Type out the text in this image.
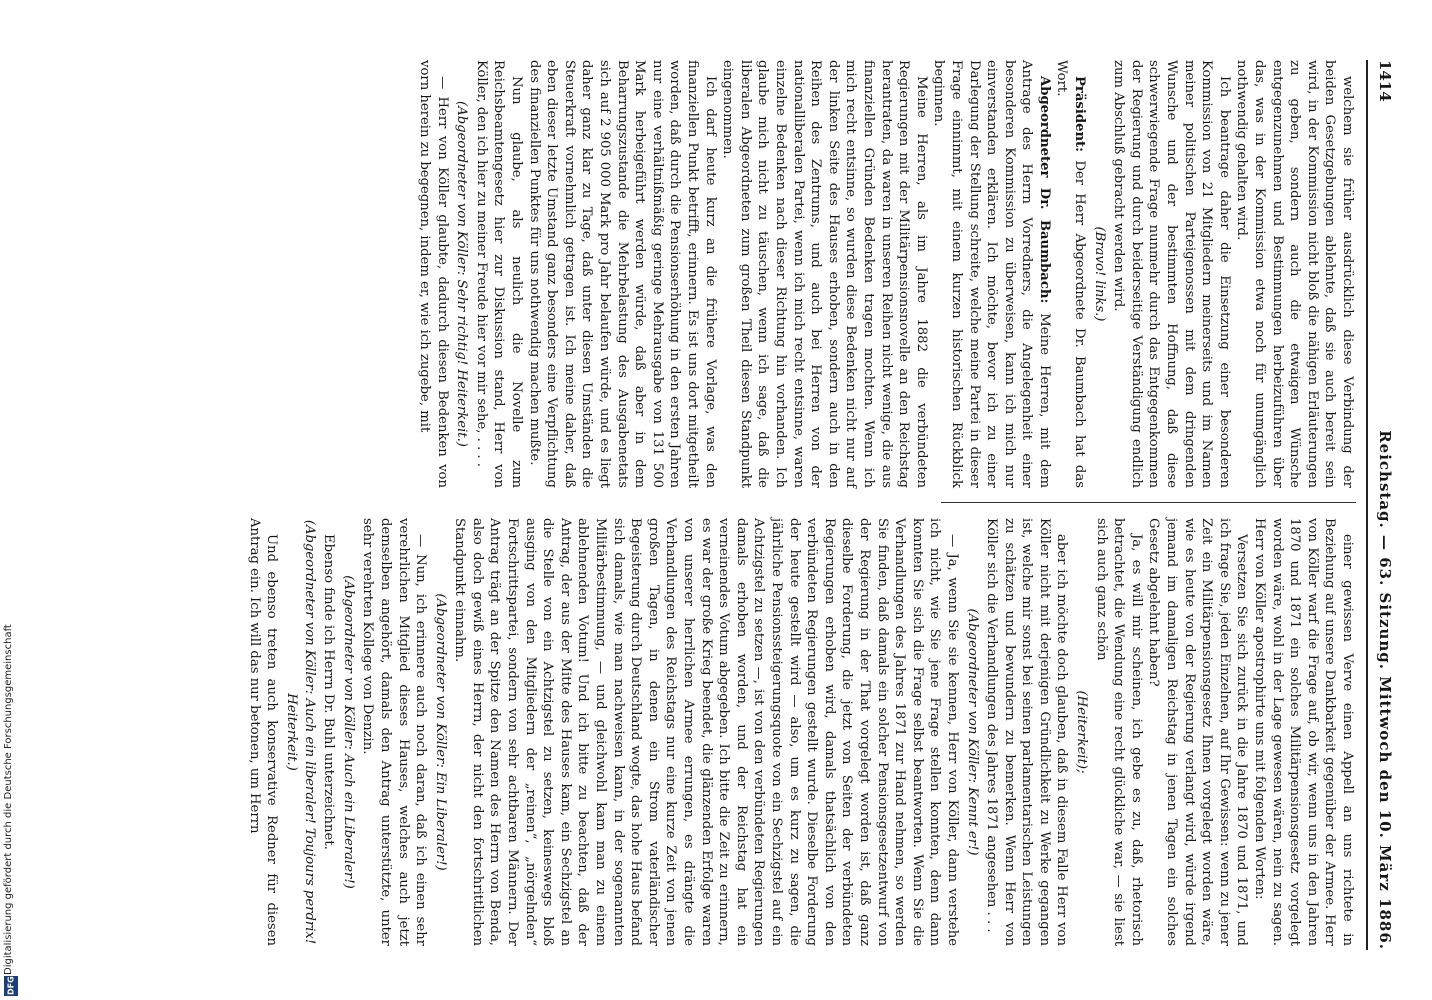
1414
Reichstag. — 63. Sitzung. Mittwoch den 10. März 1886.

welchem sie früher ausdrücklich diese Verbindung der beiden Gesetzgebungen ablehnte, daß sie auch bereit sein wird, in der Kommission nicht bloß die nähigen Erläuterungen zu geben, sondern auch die etwaigen Wünsche entgegenzunehmen und Bestimmungen herbeizuführen über das, was in der Kommission etwa noch für unumgänglich nothwendig gehalten wird.

Ich beantrage daher die Einsetzung einer besonderen Kommission von 21 Mitgliedern meinerseits und im Namen meiner politischen Parteigenossen mit dem dringenden Wunsche und der bestimmten Hoffnung, daß diese schwerwiegende Frage nunmehr durch das Entgegenkommen der Regierung und durch beiderseitige Verständigung endlich zum Abschluß gebracht werden wird.

(Bravo! links.)

Präsident: Der Herr Abgeordnete Dr. Baumbach hat das Wort.

Abgeordneter Dr. Baumbach: Meine Herren, mit dem Antrage des Herrn Vorredners, die Angelegenheit einer besonderen Kommission zu überweisen, kann ich mich nur einverstanden erklären. Ich möchte, bevor ich zu einer Darlegung der Stellung schreite, welche meine Partei in dieser Frage einnimmt, mit einem kurzen historischen Rückblick beginnen.

Meine Herren, als im Jahre 1882 die verbündeten Regierungen mit der Militärpensionsnovelle an den Reichstag herantraten, da waren in unseren Reihen nicht wenige, die aus finanziellen Gründen Bedenken tragen mochten. Wenn ich mich recht entsinne, so wurden diese Bedenken nicht nur auf der linken Seite des Hauses erhoben, sondern auch in den Reihen des Zentrums, und auch bei Herren von der nationalliberalen Partei, wenn ich mich recht entsinne, waren einzelne Bedenken nach dieser Richtung hin vorhanden. Ich glaube mich nicht zu täuschen, wenn ich sage, daß die liberalen Abgeordneten zum großen Theil diesen Standpunkt eingenommen.

Ich darf heute kurz an die frühere Vorlage, was den finanziellen Punkt betrifft, erinnern. Es ist uns dort mitgetheilt worden, daß durch die Pensionserhöhung in den ersten Jahren nur eine verhältnißmäßig geringe Mehrausgabe von 131 500 Mark herbeigeführt werden würde, daß aber in dem Beharrungszustande die Mehrbelastung des Ausgabenetats sich auf 2 905 000 Mark pro Jahr belaufen würde, und es liegt daher ganz klar zu Tage, daß unter diesen Umständen die Steuerkraft vornehmlich getragen ist. Ich meine daher, daß eben dieser letzte Umstand ganz besonders eine Verpflichtung des finanziellen Punktes für uns nothwendig machen mußte.

Nun glaube, als neulich die Novelle zum Reichsbeamtengesetz hier zur Diskussion stand, Herr von Köller, den ich hier zu meiner Freude hier vor mir sehe, . . . .

(Abgeordneter von Köller: Sehr richtig! Heiterkeit.)

— Herr von Köller glaubte, dadurch diesen Bedenken von vorn herein zu begegnen, indem er, wie ich zugebe, mit

einer gewissen Verve einen Appell an uns richtete in Beziehung auf unsere Dankbarkeit gegenüber der Armee. Herr von Köller warf die Frage auf, ob wir, wenn uns in den Jahren 1870 und 1871 ein solches Militärpensionsgesetz vorgelegt worden wäre, wohl in der Lage gewesen wären, nein zu sagen. Herr von Köller apostrophirte uns mit folgenden Worten:

Versetzen Sie sich zurück in die Jahre 1870 und 1871, und ich frage Sie, jeden Einzelnen, auf Ihr Gewissen: wenn zu jener Zeit ein Militärpensionsgesetz Ihnen vorgelegt worden wäre, wie es heute von der Regierung verlangt wird, würde irgend jemand im damaligen Reichstag in jenen Tagen ein solches Gesetz abgelehnt haben?

Ja, es will mir scheinen, ich gebe es zu, daß, rhetorisch betrachtet, die Wendung eine recht glückliche war, — sie liest sich auch ganz schön

(Heiterkeit);

aber ich möchte doch glauben, daß in diesem Falle Herr von Köller nicht mit derjenigen Gründlichkeit zu Werke gegangen ist, welche mir sonst bei seinen parlamentarischen Leistungen zu schätzen und bewundern zu bemerken. Wenn Herr von Köller sich die Verhandlungen des Jahres 1871 angesehen . . .

(Abgeordneter von Köller: Kennt er!)

— Ja, wenn Sie sie kennen, Herr von Köller, dann verstehe ich nicht, wie Sie jene Frage stellen konnten, denn dann konnten Sie sich die Frage selbst beantworten. Wenn Sie die Verhandlungen des Jahres 1871 zur Hand nehmen, so werden Sie finden, daß damals ein solcher Pensionsgesetzentwurf von der Regierung in der That vorgelegt worden ist, daß ganz dieselbe Forderung, die jetzt von Seiten der verbündeten Regierungen erhoben wird, damals thatsächlich von den verbündeten Regierungen gestellt wurde. Dieselbe Forderung der heute gestellt wird — also, um es kurz zu sagen, die jährliche Pensionssteigerungsquote von ein Sechzigstel auf ein Achtzigstel zu setzen —, ist von den verbündeten Regierungen damals erhoben worden, und der Reichstag hat ein verneinendes Votum abgegeben. Ich bitte die Zeit zu erinnern, es war der große Krieg beendet, die glänzenden Erfolge waren von unserer herrlichen Armee errungen, es drängte die Verhandlungen des Reichstags nur eine kurze Zeit von jenen großen Tagen, in denen ein Strom vaterländischer Begeisterung durch Deutschland wogte, das hohe Haus befand sich damals, wie man nachweisen kann, in der sogenannten Militärbestimmung, — und gleichwohl kam man zu einem ablehnenden Votum! Und ich bitte zu beachten, daß der Antrag, der aus der Mitte des Hauses kam, ein Sechzigstel an die Stelle von ein Achtzigstel zu setzen, keineswegs bloß ausging von den Mitgliedern der „reinen“, „nörgelnden“ Fortschrittspartei, sondern von sehr achtbaren Männern. Der Antrag trägt an der Spitze den Namen des Herrn von Benda, also doch gewiß eines Herrn, der nicht den fortschrittlichen Standpunkt einnahm.

(Abgeordneter von Köller: Ein Liberaler!)

— Nun, ich erinnere auch noch daran, daß ich einen sehr verehrlichen Mitglied dieses Hauses, welches auch jetzt demselben angehört, damals den Antrag unterstützte, unter sehr verehrten Kollege von Denzin.

(Abgeordneter von Köller: Auch ein Liberaler!)

Ebenso finde ich Herrn Dr. Buhl unterzeichnet.

(Abgeordneter von Köller: Auch ein liberaler! Toujours perdrix! Heiterkeit.)

Und ebenso treten auch konservative Redner für diesen Antrag ein. Ich will das nur betonen, um Herrn

Digitalisierung gefördert durch die Deutsche Forschungsgemeinschaft
DFG
